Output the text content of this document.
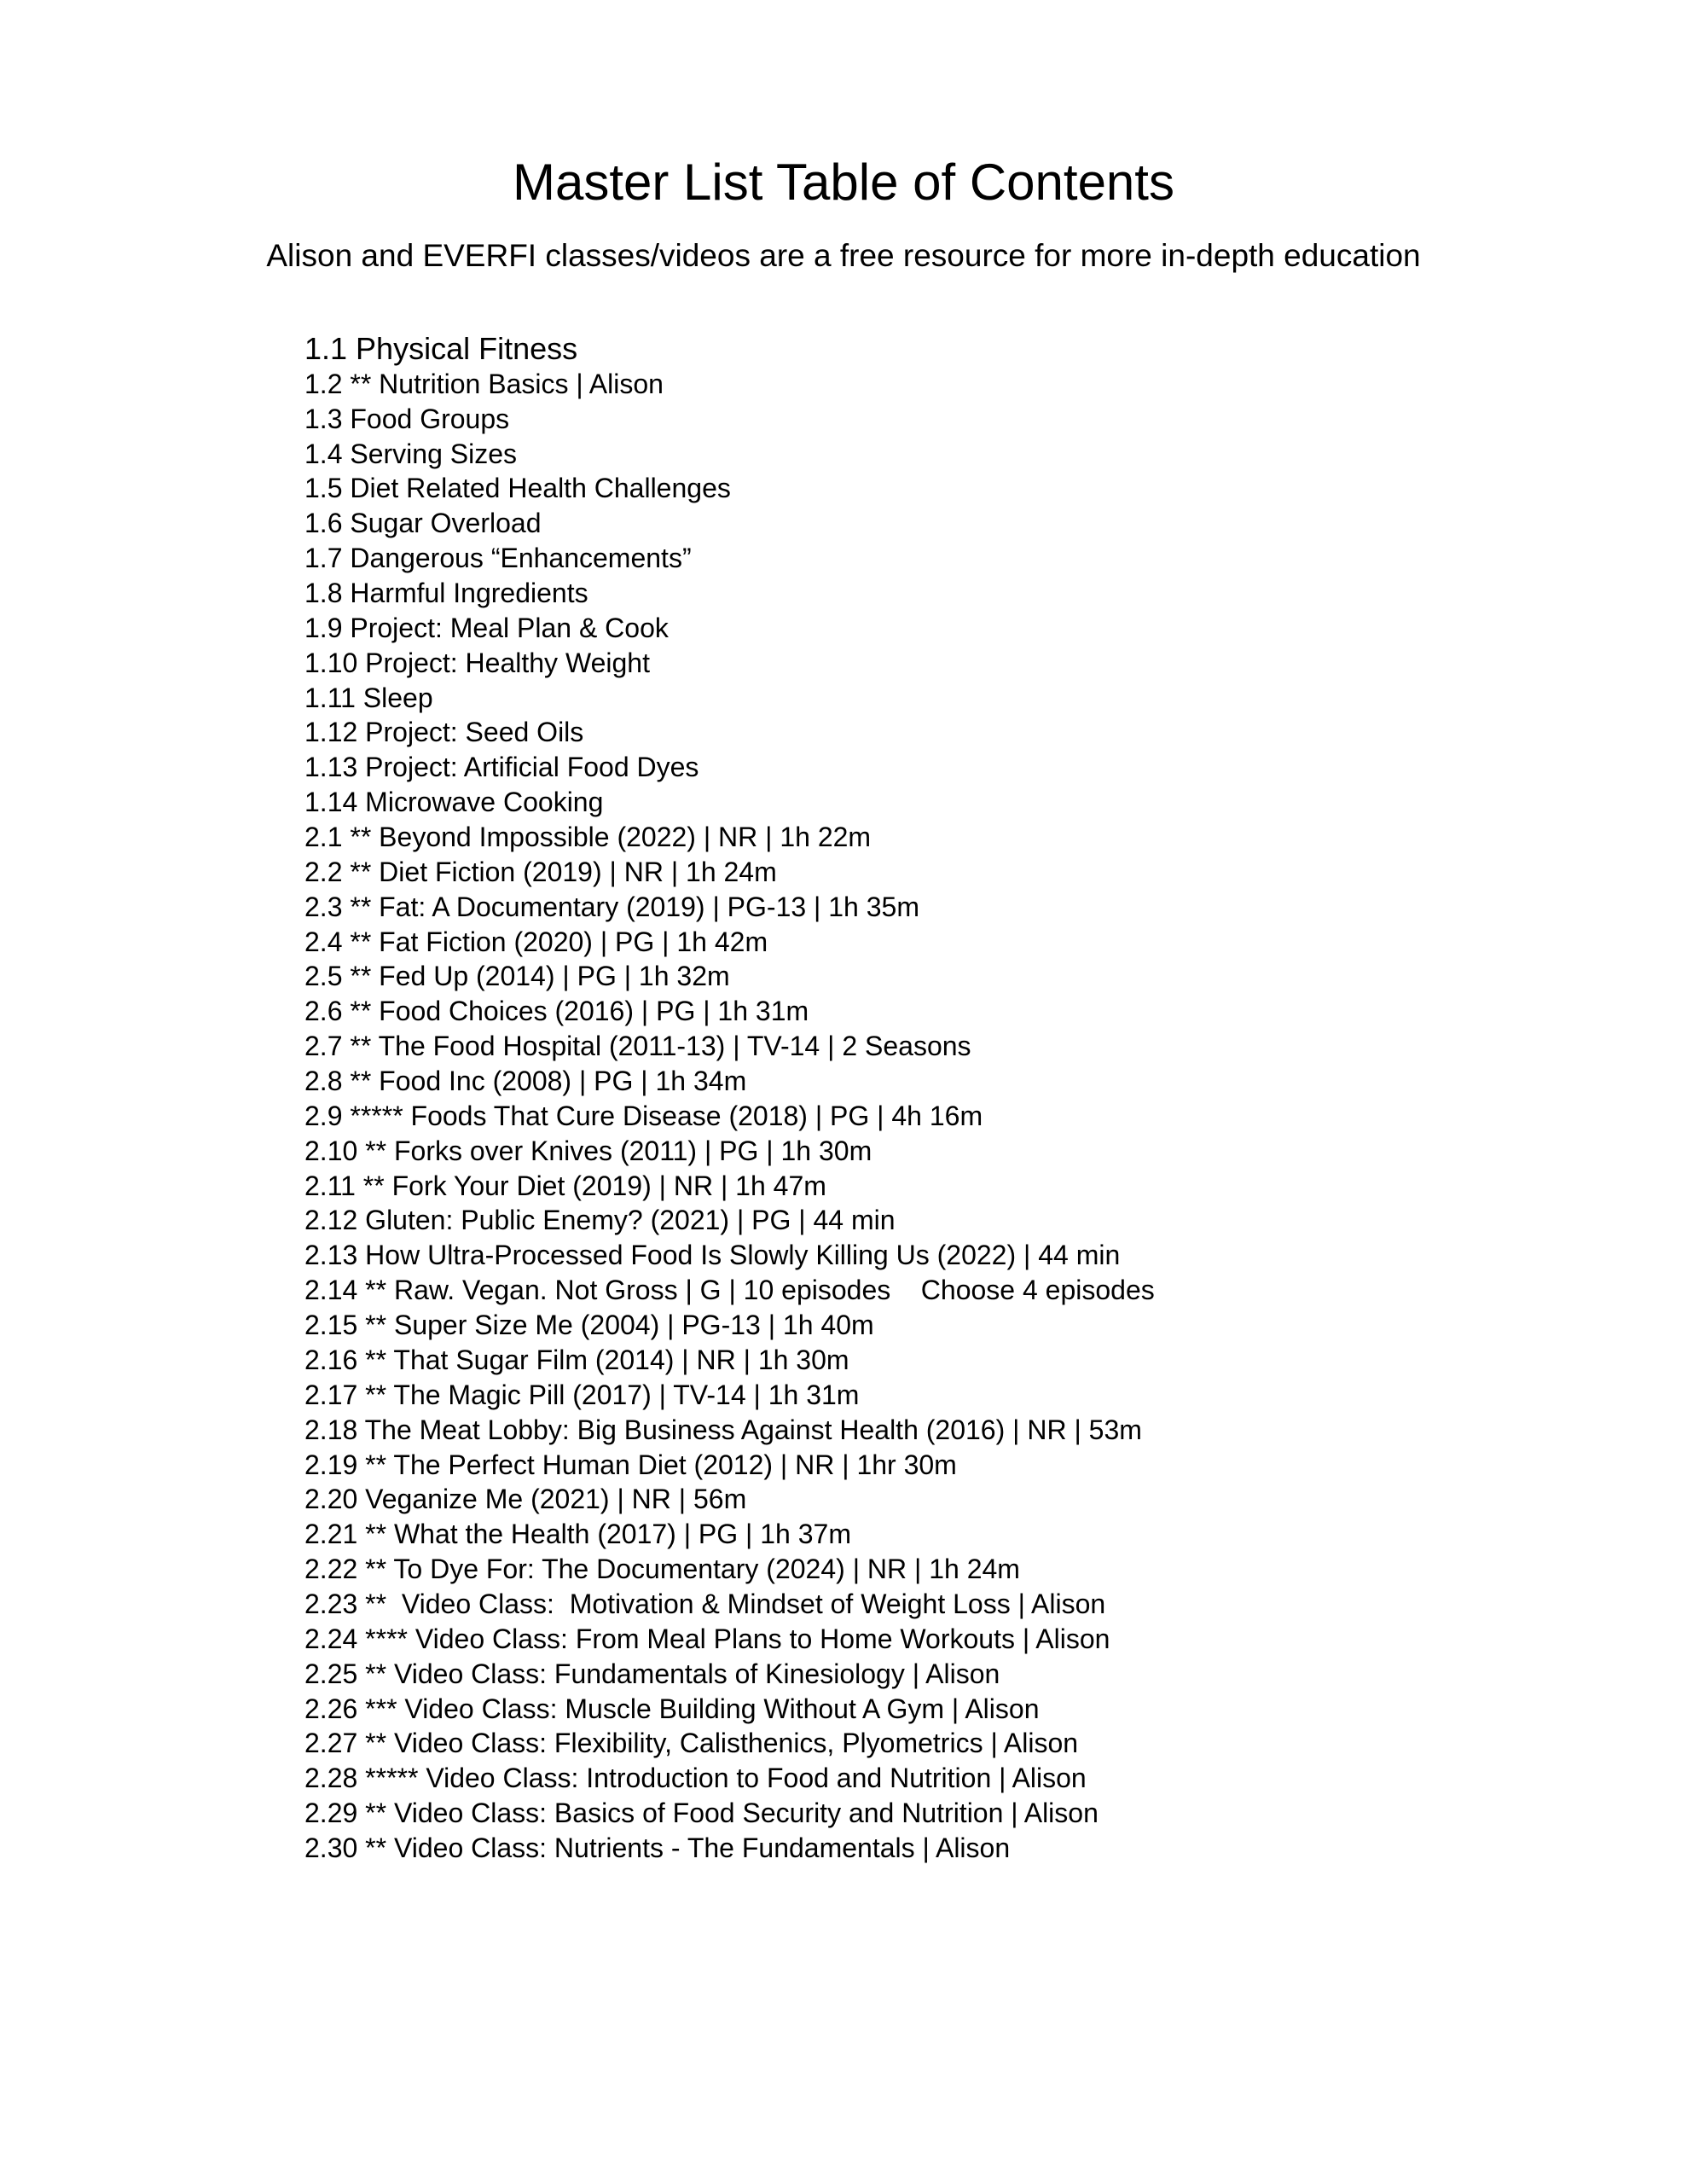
Master List Table of Contents
Alison and EVERFI classes/videos are a free resource for more in-depth education
1.1 Physical Fitness
1.2 ** Nutrition Basics | Alison
1.3 Food Groups
1.4 Serving Sizes
1.5 Diet Related Health Challenges
1.6 Sugar Overload
1.7 Dangerous “Enhancements”
1.8 Harmful Ingredients
1.9 Project: Meal Plan & Cook
1.10 Project: Healthy Weight
1.11 Sleep
1.12 Project: Seed Oils
1.13 Project: Artificial Food Dyes
1.14 Microwave Cooking
2.1 ** Beyond Impossible (2022) | NR | 1h 22m
2.2 ** Diet Fiction (2019) | NR | 1h 24m
2.3 ** Fat: A Documentary (2019) | PG-13 | 1h 35m
2.4 ** Fat Fiction (2020) | PG | 1h 42m
2.5 ** Fed Up (2014) | PG | 1h 32m
2.6 ** Food Choices (2016) | PG | 1h 31m
2.7 ** The Food Hospital (2011-13) | TV-14 | 2 Seasons
2.8 ** Food Inc (2008) | PG | 1h 34m
2.9 ***** Foods That Cure Disease (2018) | PG | 4h 16m
2.10 ** Forks over Knives (2011) | PG | 1h 30m
2.11 ** Fork Your Diet (2019) | NR | 1h 47m
2.12 Gluten: Public Enemy? (2021) | PG | 44 min
2.13 How Ultra-Processed Food Is Slowly Killing Us (2022) | 44 min
2.14 ** Raw. Vegan. Not Gross | G | 10 episodes    Choose 4 episodes
2.15 ** Super Size Me (2004) | PG-13 | 1h 40m
2.16 ** That Sugar Film (2014) | NR | 1h 30m
2.17 ** The Magic Pill (2017) | TV-14 | 1h 31m
2.18 The Meat Lobby: Big Business Against Health (2016) | NR | 53m
2.19 ** The Perfect Human Diet (2012) | NR | 1hr 30m
2.20 Veganize Me (2021) | NR | 56m
2.21 ** What the Health (2017) | PG | 1h 37m
2.22 ** To Dye For: The Documentary (2024) | NR | 1h 24m
2.23 **  Video Class:  Motivation & Mindset of Weight Loss | Alison
2.24 **** Video Class: From Meal Plans to Home Workouts | Alison
2.25 ** Video Class: Fundamentals of Kinesiology | Alison
2.26 *** Video Class: Muscle Building Without A Gym | Alison
2.27 ** Video Class: Flexibility, Calisthenics, Plyometrics | Alison
2.28 ***** Video Class: Introduction to Food and Nutrition | Alison
2.29 ** Video Class: Basics of Food Security and Nutrition | Alison
2.30 ** Video Class: Nutrients - The Fundamentals | Alison
